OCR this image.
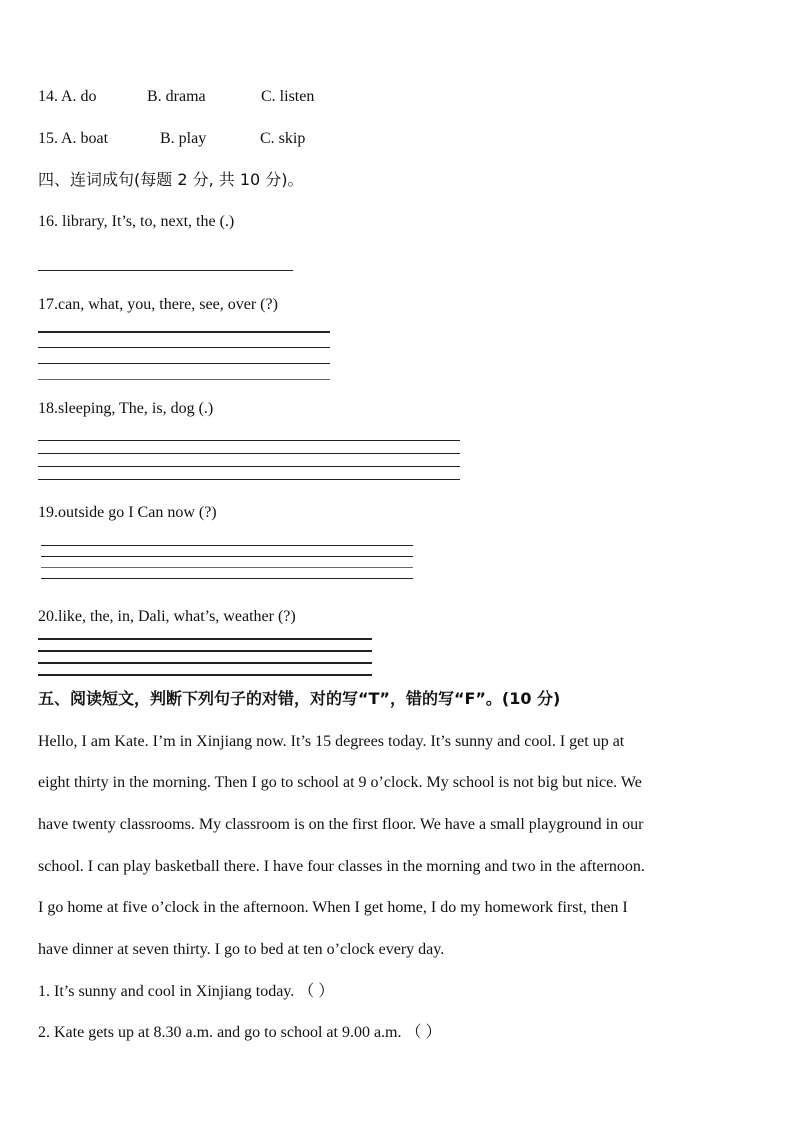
14. A. do	B. drama	C. listen
15. A. boat	B. play	C. skip
四、连词成句(每题 2 分, 共 10 分)。
16. library, It’s, to, next, the (.)
17.can, what, you, there, see, over (?)
18.sleeping, The, is, dog (.)
19.outside go I Can now (?)
20.like, the, in, Dali, what’s, weather (?)
五、阅读短文，判断下列句子的对错，对的写“T”，错的写“F”。(10 分)
Hello, I am Kate. I’m in Xinjiang now. It’s 15 degrees today. It’s sunny and cool. I get up at
eight thirty in the morning. Then I go to school at 9 o’clock. My school is not big but nice. We
have twenty classrooms. My classroom is on the first floor. We have a small playground in our
school. I can play basketball there. I have four classes in the morning and two in the afternoon.
I go home at five o’clock in the afternoon. When I get home, I do my homework first, then I
have dinner at seven thirty. I go to bed at ten o’clock every day.
1. It’s sunny and cool in Xinjiang today. （ ）
2. Kate gets up at 8.30 a.m. and go to school at 9.00 a.m. （ ）
